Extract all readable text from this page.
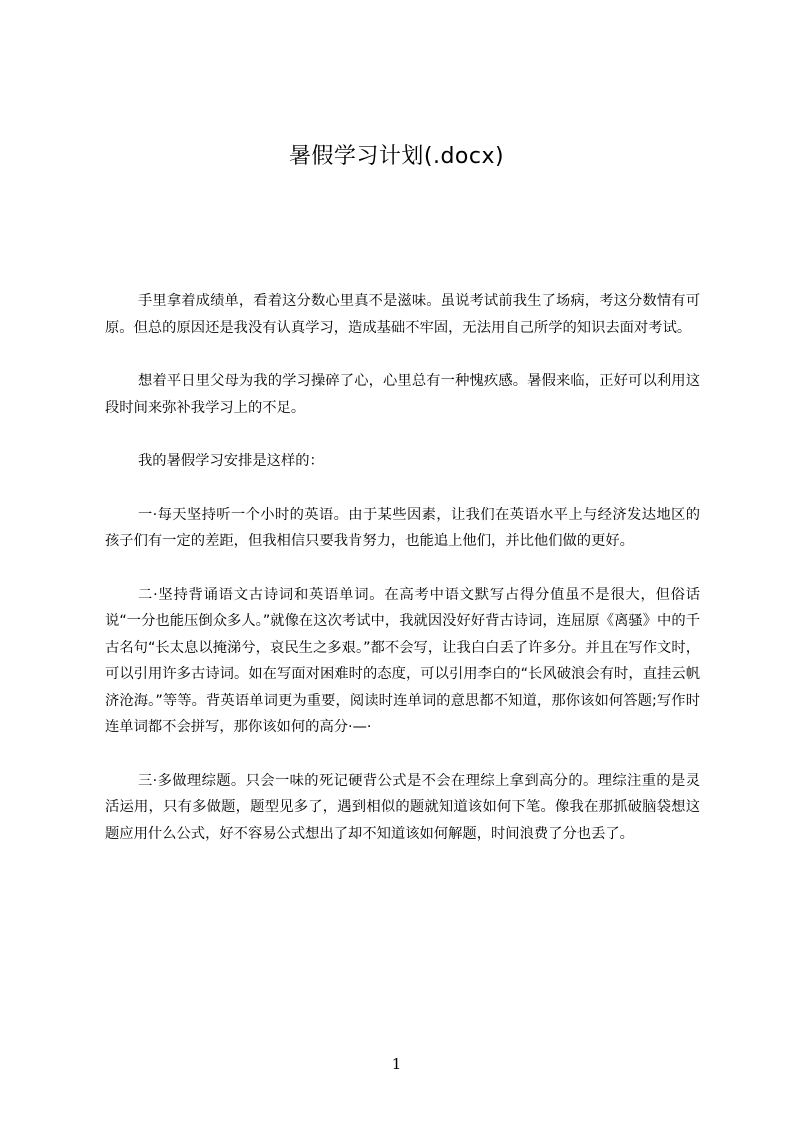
暑假学习计划(.docx)

手里拿着成绩单，看着这分数心里真不是滋味。虽说考试前我生了场病，考这分数情有可原。但总的原因还是我没有认真学习，造成基础不牢固，无法用自己所学的知识去面对考试。

想着平日里父母为我的学习操碎了心，心里总有一种愧疚感。暑假来临，正好可以利用这段时间来弥补我学习上的不足。

我的暑假学习安排是这样的：

一·每天坚持听一个小时的英语。由于某些因素，让我们在英语水平上与经济发达地区的孩子们有一定的差距，但我相信只要我肯努力，也能追上他们，并比他们做的更好。

二·坚持背诵语文古诗词和英语单词。在高考中语文默写占得分值虽不是很大，但俗话说“一分也能压倒众多人。”就像在这次考试中，我就因没好好背古诗词，连屈原《离骚》中的千古名句“长太息以掩涕兮，哀民生之多艰。”都不会写，让我白白丢了许多分。并且在写作文时，可以引用许多古诗词。如在写面对困难时的态度，可以引用李白的“长风破浪会有时，直挂云帆济沧海。”等等。背英语单词更为重要，阅读时连单词的意思都不知道，那你该如何答题;写作时连单词都不会拼写，那你该如何的高分·—·

三·多做理综题。只会一味的死记硬背公式是不会在理综上拿到高分的。理综注重的是灵活运用，只有多做题，题型见多了，遇到相似的题就知道该如何下笔。像我在那抓破脑袋想这题应用什么公式，好不容易公式想出了却不知道该如何解题，时间浪费了分也丢了。

1
